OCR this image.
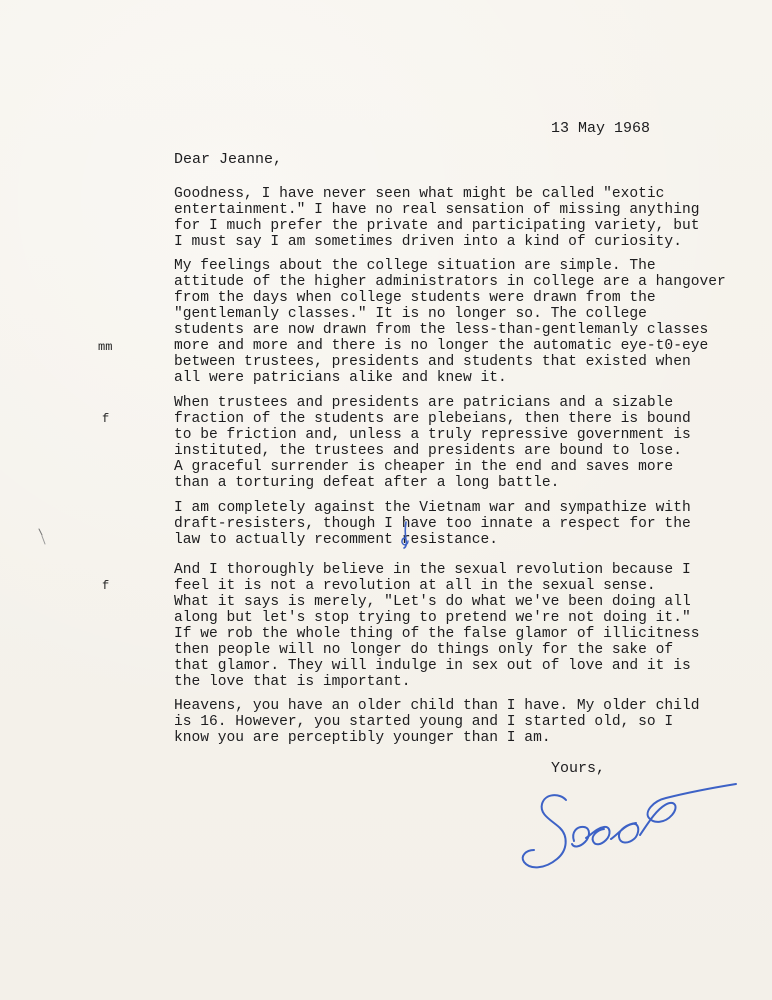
13 May 1968
Dear Jeanne,
Goodness, I have never seen what might be called "exotic
entertainment." I have no real sensation of missing anything
for I much prefer the private and participating variety, but
I must say I am sometimes driven into a kind of curiosity.
My feelings about the college situation are simple. The
attitude of the higher administrators in college are a hangover
from the days when college students were drawn from the
"gentlemanly classes." It is no longer so. The college
students are now drawn from the less-than-gentlemanly classes
more and more and there is no longer the automatic eye-t0-eye
between trustees, presidents and students that existed when
all were patricians alike and knew it.
When trustees and presidents are patricians and a sizable
fraction of the students are plebeians, then there is bound
to be friction and, unless a truly repressive government is
instituted, the trustees and presidents are bound to lose.
A graceful surrender is cheaper in the end and saves more
than a torturing defeat after a long battle.
I am completely against the Vietnam war and sympathize with
draft-resisters, though I have too innate a respect for the
law to actually recomment resistance.
And I thoroughly believe in the sexual revolution because I
feel it is not a revolution at all in the sexual sense.
What it says is merely, "Let's do what we've been doing all
along but let's stop trying to pretend we're not doing it."
If we rob the whole thing of the false glamor of illicitness
then people will no longer do things only for the sake of
that glamor. They will indulge in sex out of love and it is
the love that is important.
Heavens, you have an older child than I have. My older child
is 16. However, you started young and I started old, so I
know you are perceptibly younger than I am.
mm
f
f
Yours,
